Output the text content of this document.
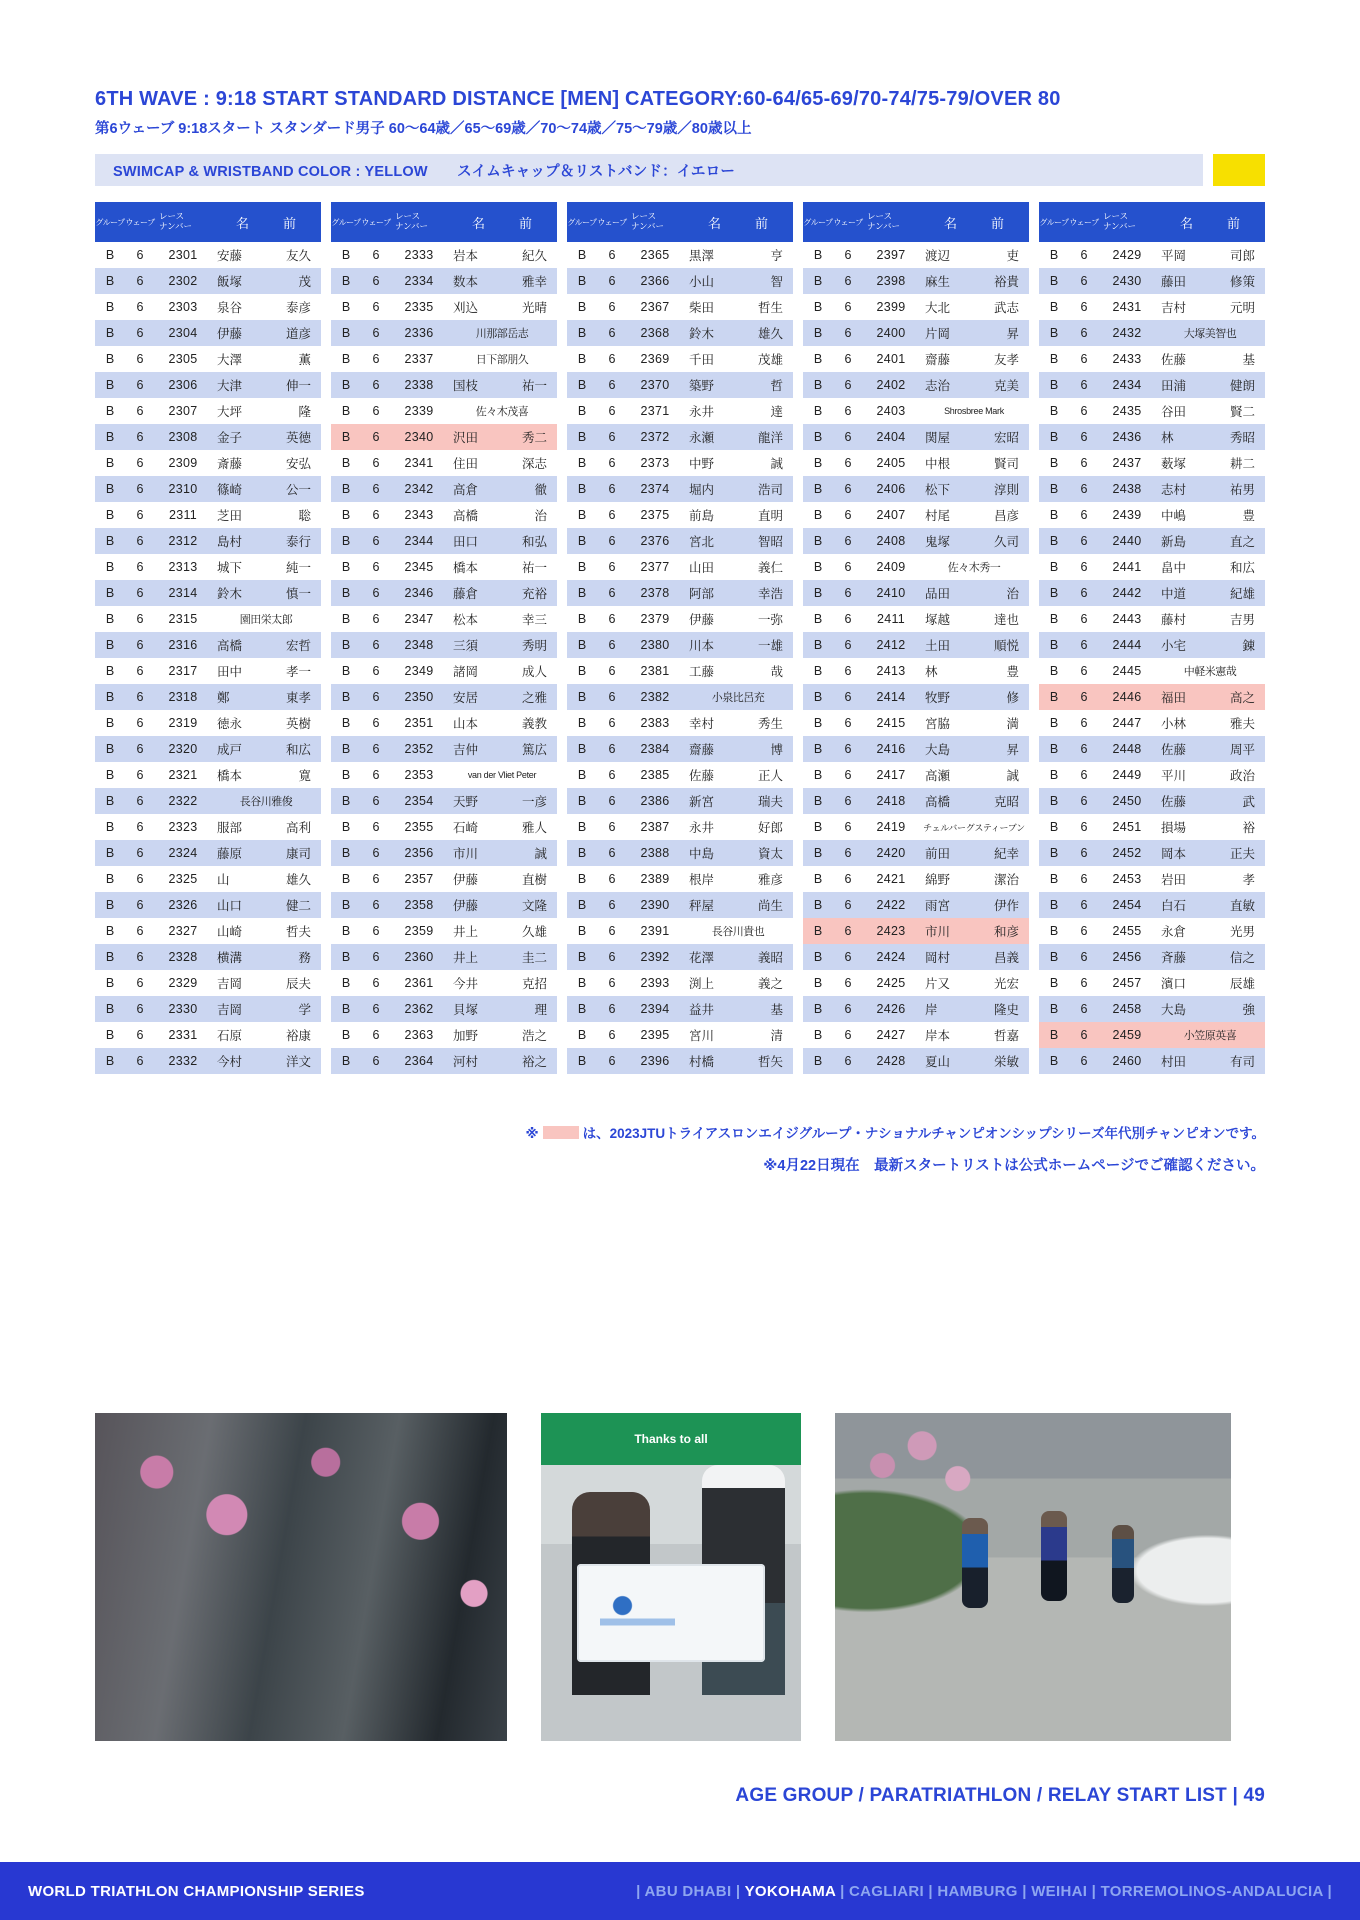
6TH WAVE : 9:18 START STANDARD DISTANCE [MEN] CATEGORY:60-64/65-69/70-74/75-79/OVER 80
第6ウェーブ 9:18スタート スタンダード男子 60～64歳／65～69歳／70～74歳／75～79歳／80歳以上
SWIMCAP & WRISTBAND COLOR : YELLOW　　スイムキャップ＆リストバンド：イエロー
グループ ウェーブ
レース
ナンバー	名	前
B	6	2301	安藤	友久
B	6	2302	飯塚	茂
B	6	2303	泉谷	泰彦
B	6	2304	伊藤	道彦
B	6	2305	大澤	薫
B	6	2306	大津	伸一
B	6	2307	大坪	隆
B	6	2308	金子	英徳
B	6	2309	斎藤	安弘
B	6	2310	篠崎	公一
B	6	2311	芝田	聡
B	6	2312	島村	泰行
B	6	2313	城下	純一
B	6	2314	鈴木	慎一
B	6	2315	園田栄太郎
B	6	2316	高橋	宏哲
B	6	2317	田中	孝一
B	6	2318	鄭	東孝
B	6	2319	徳永	英樹
B	6	2320	成戸	和広
B	6	2321	橋本	寛
B	6	2322	長谷川雅俊
B	6	2323	服部	高利
B	6	2324	藤原	康司
B	6	2325	山	雄久
B	6	2326	山口	健二
B	6	2327	山崎	哲夫
B	6	2328	横溝	務
B	6	2329	吉岡	辰夫
B	6	2330	吉岡	学
B	6	2331	石原	裕康
B	6	2332	今村	洋文
グループ ウェーブ
レース
ナンバー	名	前
B	6	2333	岩本	紀久
B	6	2334	数本	雅幸
B	6	2335	刈込	光晴
B	6	2336	川那部岳志
B	6	2337	日下部朋久
B	6	2338	国枝	祐一
B	6	2339	佐々木茂喜
B	6	2340	沢田	秀二
B	6	2341	住田	深志
B	6	2342	高倉	徹
B	6	2343	高橋	治
B	6	2344	田口	和弘
B	6	2345	橋本	祐一
B	6	2346	藤倉	充裕
B	6	2347	松本	幸三
B	6	2348	三須	秀明
B	6	2349	諸岡	成人
B	6	2350	安居	之雅
B	6	2351	山本	義教
B	6	2352	吉仲	篤広
B	6	2353	van der Vliet Peter
B	6	2354	天野	一彦
B	6	2355	石崎	雅人
B	6	2356	市川	誠
B	6	2357	伊藤	直樹
B	6	2358	伊藤	文隆
B	6	2359	井上	久雄
B	6	2360	井上	圭二
B	6	2361	今井	克招
B	6	2362	貝塚	理
B	6	2363	加野	浩之
B	6	2364	河村	裕之
グループ ウェーブ
レース
ナンバー	名	前
B	6	2365	黒澤	亨
B	6	2366	小山	智
B	6	2367	柴田	哲生
B	6	2368	鈴木	雄久
B	6	2369	千田	茂雄
B	6	2370	築野	哲
B	6	2371	永井	達
B	6	2372	永瀬	龍洋
B	6	2373	中野	誠
B	6	2374	堀内	浩司
B	6	2375	前島	直明
B	6	2376	宮北	智昭
B	6	2377	山田	義仁
B	6	2378	阿部	幸浩
B	6	2379	伊藤	一弥
B	6	2380	川本	一雄
B	6	2381	工藤	哉
B	6	2382	小泉比呂充
B	6	2383	幸村	秀生
B	6	2384	齋藤	博
B	6	2385	佐藤	正人
B	6	2386	新宮	瑞夫
B	6	2387	永井	好郎
B	6	2388	中島	資太
B	6	2389	根岸	雅彦
B	6	2390	秤屋	尚生
B	6	2391	長谷川貴也
B	6	2392	花澤	義昭
B	6	2393	渕上	義之
B	6	2394	益井	基
B	6	2395	宮川	清
B	6	2396	村橋	哲矢
グループ ウェーブ
レース
ナンバー	名	前
B	6	2397	渡辺	吏
B	6	2398	麻生	裕貴
B	6	2399	大北	武志
B	6	2400	片岡	昇
B	6	2401	齋藤	友孝
B	6	2402	志治	克美
B	6	2403	Shrosbree Mark
B	6	2404	関屋	宏昭
B	6	2405	中根	賢司
B	6	2406	松下	淳則
B	6	2407	村尾	昌彦
B	6	2408	鬼塚	久司
B	6	2409	佐々木秀一
B	6	2410	品田	治
B	6	2411	塚越	達也
B	6	2412	土田	順悦
B	6	2413	林	豊
B	6	2414	牧野	修
B	6	2415	宮脇	満
B	6	2416	大島	昇
B	6	2417	高瀬	誠
B	6	2418	高橋	克昭
B	6	2419	チェルバーグスティーブン
B	6	2420	前田	紀幸
B	6	2421	綿野	潔治
B	6	2422	雨宮	伊作
B	6	2423	市川	和彦
B	6	2424	岡村	昌義
B	6	2425	片又	光宏
B	6	2426	岸	隆史
B	6	2427	岸本	哲嘉
B	6	2428	夏山	栄敏
グループ ウェーブ
レース
ナンバー	名	前
B	6	2429	平岡	司郎
B	6	2430	藤田	修策
B	6	2431	吉村	元明
B	6	2432	大塚美智也
B	6	2433	佐藤	基
B	6	2434	田浦	健朗
B	6	2435	谷田	賢二
B	6	2436	林	秀昭
B	6	2437	薮塚	耕二
B	6	2438	志村	祐男
B	6	2439	中嶋	豊
B	6	2440	新島	直之
B	6	2441	畠中	和広
B	6	2442	中道	紀雄
B	6	2443	藤村	吉男
B	6	2444	小宅	錬
B	6	2445	中軽米憲哉
B	6	2446	福田	高之
B	6	2447	小林	雅夫
B	6	2448	佐藤	周平
B	6	2449	平川	政治
B	6	2450	佐藤	武
B	6	2451	損場	裕
B	6	2452	岡本	正夫
B	6	2453	岩田	孝
B	6	2454	白石	直敏
B	6	2455	永倉	光男
B	6	2456	斉藤	信之
B	6	2457	濱口	辰雄
B	6	2458	大島	強
B	6	2459	小笠原英喜
B	6	2460	村田	有司
※	は、2023JTUトライアスロンエイジグループ・ナショナルチャンピオンシップシリーズ年代別チャンピオンです。
※4月22日現在　最新スタートリストは公式ホームページでご確認ください。
Thanks to all
AGE GROUP / PARATRIATHLON / RELAY START LIST | 49
WORLD TRIATHLON CHAMPIONSHIP SERIES	| ABU DHABI | YOKOHAMA | CAGLIARI | HAMBURG | WEIHAI | TORREMOLINOS-ANDALUCIA |
